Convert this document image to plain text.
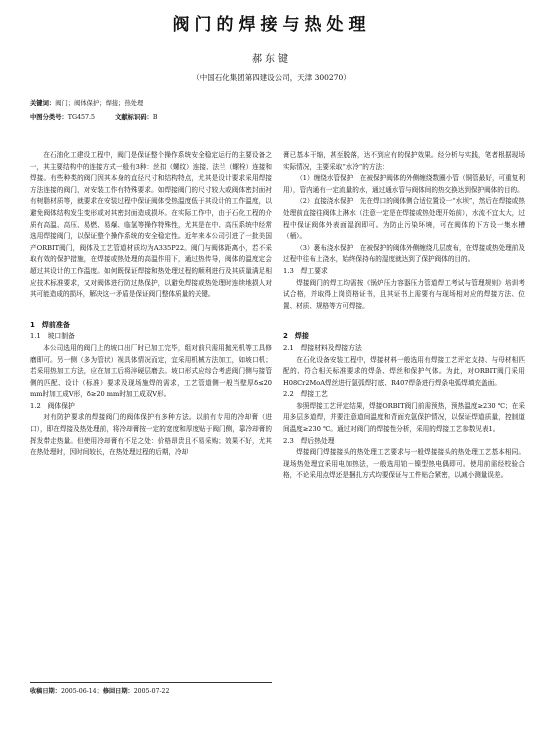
阀门的焊接与热处理
郝东键
（中国石化集团第四建设公司，天津 300270）
关键词：阀门；阀体保护；焊接；热处理
中图分类号：TG457.5	文献标识码：B

在石油化工建设工程中，阀门是保证整个操作系统安全稳定运行的主要设备之一，其主要结构中的连接方式一般有3种：丝扣（螺纹）连接、法兰（螺栓）连接和焊接。有些种类的阀门因其本身的直径尺寸和结构特点，尤其是设计要求采用焊接方法连接的阀门，对安装工作有特殊要求。如焊接阀门的尺寸较大或阀体密封面衬有树脂材质等，就要求在安装过程中保证阀体受热温度低于其设计的工作温度，以避免阀体结构发生变形或对其密封面造成损坏。在实际工作中，由于石化工程的介质有高温、高压、易燃、易爆、临氢等操作特殊性，尤其是在中、高压系统中经常选用焊接阀门，以保证整个操作系统的安全稳定性。近年来本公司引进了一批美国产ORBIT阀门，阀体及工艺管道材质均为A335P22。阀门与阀体距离小，若不采取有效的保护措施，在焊接或热处理的高温作用下，通过热传导，阀体的温度定会超过其设计的工作温度。如何既保证焊接和热处理过程的顺利进行及其质量满足相应技术标准要求，又对阀体进行防过热保护，以避免焊接或热处理时连续地损人对其可能造成的损坏，解决这一矛盾是保证阀门整体质量的关键。

1　焊前准备

1.1　坡口制备

本公司选用的阀门上的坡口出厂时已加工完毕，组对前只需用抛光机等工具修磨即可。另一侧（多为管状）视具体情况而定，宜采用机械方法加工，如坡口机；若采用热加工方法，应在加工后将淬硬层磨去。坡口形式应综合考虑阀门侧与接管侧的匹配、设计（标准）要求及现场施焊的需求，工艺管道侧一般当壁厚δ≤20 mm时加工成V形，δ≥20 mm时加工成双V形。

1.2　阀体保护

对有防护要求的焊接阀门的阀体保护有多种方法。以前有专用的冷却膏（进口），即在焊接及热处理前，将冷却膏按一定的宽度和厚度贴于阀门侧，靠冷却膏的挥发带走热量。但使用冷却膏有不足之处：价格昂贵且不易采购；效果不好，尤其在热处理时，因时间较长，在热处理过程的后期，冷却

收稿日期：2005-06-14；修回日期：2005-07-22

膏已基本干缩，甚至脱落，达不到应有的保护效果。经分析与实践，笔者根据现场实际情况，主要采取“水冷”的方法：

（1）缠绕水管保护　在被保护阀体的外侧缠绕数圈小管（铜管最好，可重复利用），管内通有一定流量的水，通过通水管与阀体间的热交换达到保护阀体的目的。

（2）直接浇水保护　先在焊口的阀体侧合适位置设一“水坝”，然后在焊接或热处理前直接往阀体上淋水（注意一定是在焊接或热处理开始前），水流不宜太大，过程中保证阀体外表面湿润即可。为防止污染环境，可在阀体的下方设一集水槽（桶）。

（3）裹布浇水保护　在被保护的阀体外侧缠绕几层废布，在焊接或热处理前及过程中往布上浇水，始终保持布的湿度就达到了保护阀体的目的。

1.3　焊工要求

焊接阀门的焊工均需按《锅炉压力容器压力管道焊工考试与管理规则》培训考试合格，并取得上岗资格证书，且其证书上需要有与现场相对应的焊接方法、位置、材质、规格等方可焊接。

2　焊接

2.1　焊接材料及焊接方法

在石化设备安装工程中，焊接材料一般选用有焊接工艺评定支持、与母材相匹配的、符合相关标准要求的焊条、焊丝和保护气体。为此，对ORBIT阀门采用H08Cr2MoA焊丝进行氩弧焊打底、R407焊条进行焊条电弧焊填充盖面。

2.2　焊接工艺

参照焊接工艺评定结果，焊接ORBIT阀门前需预热，预热温度≥230 ℃；在采用多层多道焊，并要注意道间温度和背面充氩保护情况，以保证焊道质量，控制道间温度≥230 ℃。通过对阀门的焊接性分析，采用的焊接工艺参数见表1。

2.3　焊后热处理

焊接阀门焊接接头的热处理工艺要求与一般焊接接头的热处理工艺基本相同。现场热处理宜采用电加热法，一般选用铂－镍型热电偶即可。使用前需经校验合格，不论采用点焊还是捆扎方式均要保证与工件贴合紧密，以减小测量误差。
